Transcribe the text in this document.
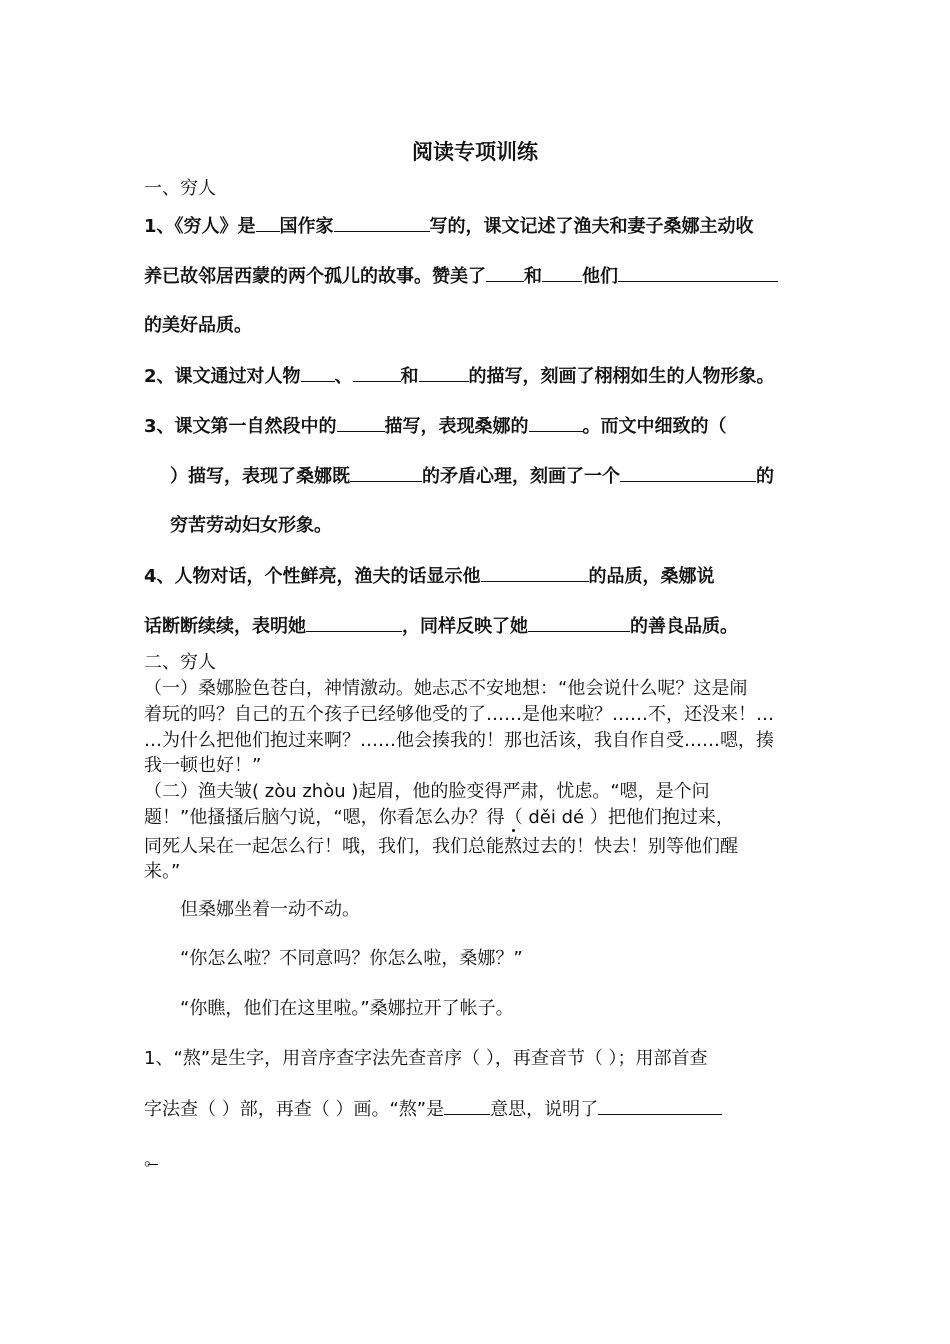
阅读专项训练
一、穷人
1、《穷人》是 国作家	写的，课文记述了渔夫和妻子桑娜主动收
养已故邻居西蒙的两个孤儿的故事。赞美了 和 他们
的美好品质。
2、课文通过对人物 、	和	的描写，刻画了栩栩如生的人物形象。
3、课文第一自然段中的	描写，表现桑娜的	。而文中细致的（
）描写，表现了桑娜既	的矛盾心理，刻画了一个	的
穷苦劳动妇女形象。
4、人物对话，个性鲜亮，渔夫的话显示他	的品质，桑娜说
话断断续续，表明她	，同样反映了她	的善良品质。
二、穷人
（一）桑娜脸色苍白，神情激动。她忐忑不安地想：“他会说什么呢？这是闹
着玩的吗？自己的五个孩子已经够他受的了……是他来啦？……不，还没来！…
…为什么把他们抱过来啊？……他会揍我的！那也活该，我自作自受……嗯，揍
我一顿也好！”
（二）渔夫皱( zòu zhòu )起眉，他的脸变得严肃，忧虑。“嗯，是个问
题！”他搔搔后脑勺说，“嗯，你看怎么办？得（ děi dé ）把他们抱过来，
同死人呆在一起怎么行！哦，我们，我们总能熬过去的！快去！别等他们醒
来。”
但桑娜坐着一动不动。
“你怎么啦？不同意吗？你怎么啦，桑娜？”
“你瞧，他们在这里啦。”桑娜拉开了帐子。
1、“熬”是生字，用音序查字法先查音序（ ），再查音节（ ）；用部首查
字法查（ ）部，再查（ ）画。“熬”是	意思，说明了
。
